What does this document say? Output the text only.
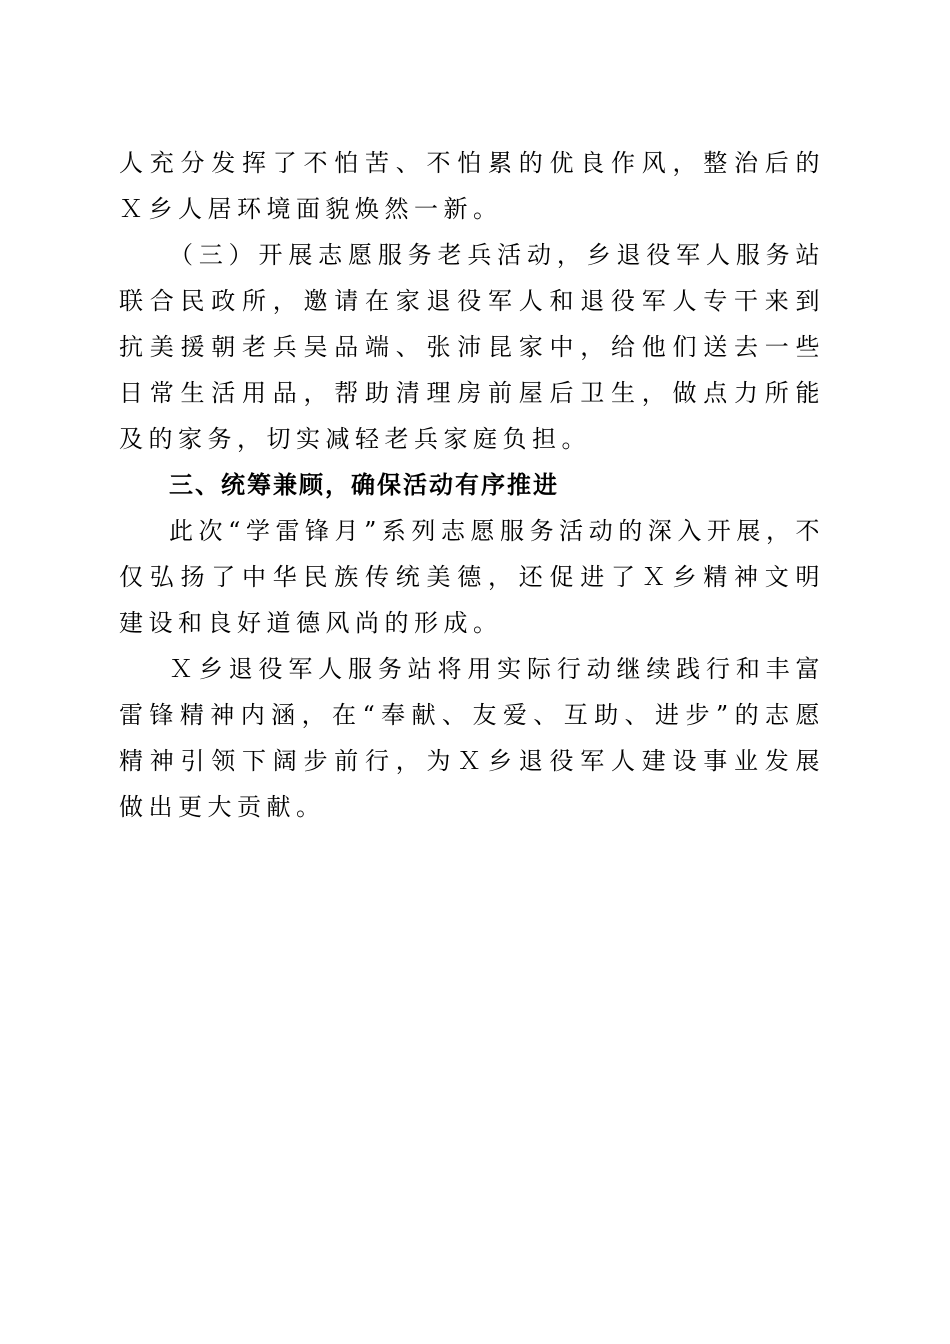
人充分发挥了不怕苦、不怕累的优良作风，整治后的Ｘ乡人居环境面貌焕然一新。

（三）开展志愿服务老兵活动，乡退役军人服务站联合民政所，邀请在家退役军人和退役军人专干来到抗美援朝老兵吴品端、张沛昆家中，给他们送去一些日常生活用品，帮助清理房前屋后卫生，做点力所能及的家务，切实减轻老兵家庭负担。

三、统筹兼顾，确保活动有序推进

此次“学雷锋月”系列志愿服务活动的深入开展，不仅弘扬了中华民族传统美德，还促进了Ｘ乡精神文明建设和良好道德风尚的形成。

Ｘ乡退役军人服务站将用实际行动继续践行和丰富雷锋精神内涵，在“奉献、友爱、互助、进步”的志愿精神引领下阔步前行，为Ｘ乡退役军人建设事业发展做出更大贡献。
